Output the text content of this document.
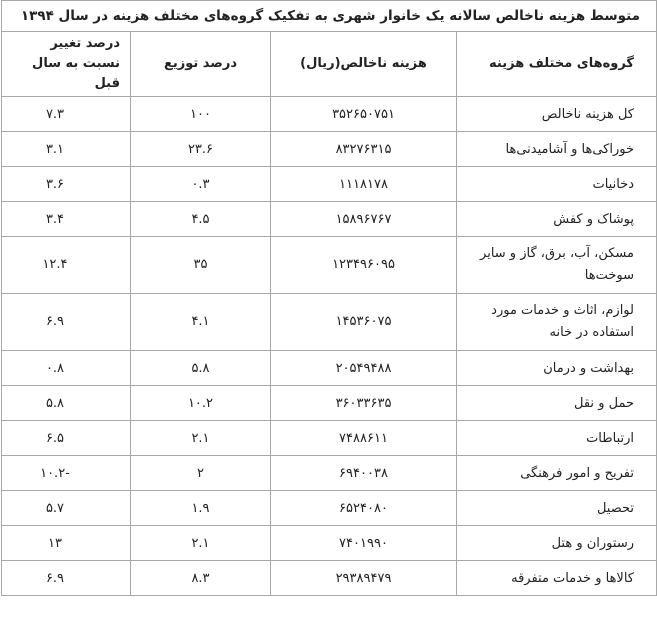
متوسط هزینه ناخالص سالانه یک خانوار شهری به تفکیک گروه‌های مختلف هزینه در سال ۱۳۹۴			
گروه‌های مختلف هزینه	هزینه ناخالص(ریال)	درصد توزیع	درصد تغییر نسبت به سال قبل
کل هزینه ناخالص	۳۵۲۶۵۰۷۵۱	۱۰۰	۷.۳
خوراکی‌ها و آشامیدنی‌ها	۸۳۲۷۶۳۱۵	۲۳.۶	۳.۱
دخانیات	۱۱۱۸۱۷۸	۰.۳	۳.۶
پوشاک و کفش	۱۵۸۹۶۷۶۷	۴.۵	۳.۴
مسکن، آب، برق، گاز و سایر سوخت‌ها	۱۲۳۴۹۶۰۹۵	۳۵	۱۲.۴
لوازم، اثاث و خدمات مورد استفاده در خانه	۱۴۵۳۶۰۷۵	۴.۱	۶.۹
بهداشت و درمان	۲۰۵۴۹۴۸۸	۵.۸	۰.۸
حمل و نقل	۳۶۰۳۳۶۳۵	۱۰.۲	۵.۸
ارتباطات	۷۴۸۸۶۱۱	۲.۱	۶.۵
تفریح و امور فرهنگی	۶۹۴۰۰۳۸	۲	-۱۰.۲
تحصیل	۶۵۲۴۰۸۰	۱.۹	۵.۷
رستوران و هتل	۷۴۰۱۹۹۰	۲.۱	۱۳
کالاها و خدمات متفرقه	۲۹۳۸۹۴۷۹	۸.۳	۶.۹
